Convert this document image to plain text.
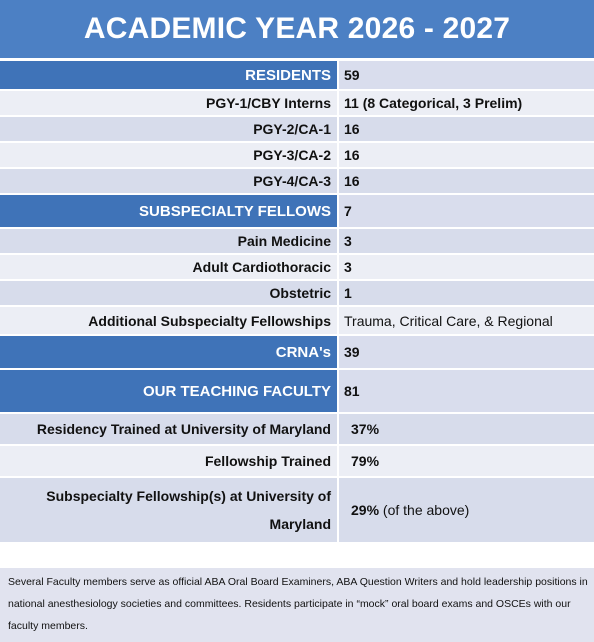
ACADEMIC YEAR 2026 - 2027
RESIDENTS	59
PGY-1/CBY Interns	11 (8 Categorical, 3 Prelim)
PGY-2/CA-1	16
PGY-3/CA-2	16
PGY-4/CA-3	16
SUBSPECIALTY FELLOWS	7
Pain Medicine	3
Adult Cardiothoracic	3
Obstetric	1
Additional Subspecialty Fellowships	Trauma, Critical Care, & Regional
CRNA's	39
OUR TEACHING FACULTY	81
Residency Trained at University of Maryland	37%
Fellowship Trained	79%
Subspecialty Fellowship(s) at University of Maryland	29% (of the above)
Several Faculty members serve as official ABA Oral Board Examiners, ABA Question Writers and hold leadership positions in national anesthesiology societies and committees. Residents participate in “mock” oral board exams and OSCEs with our faculty members.
